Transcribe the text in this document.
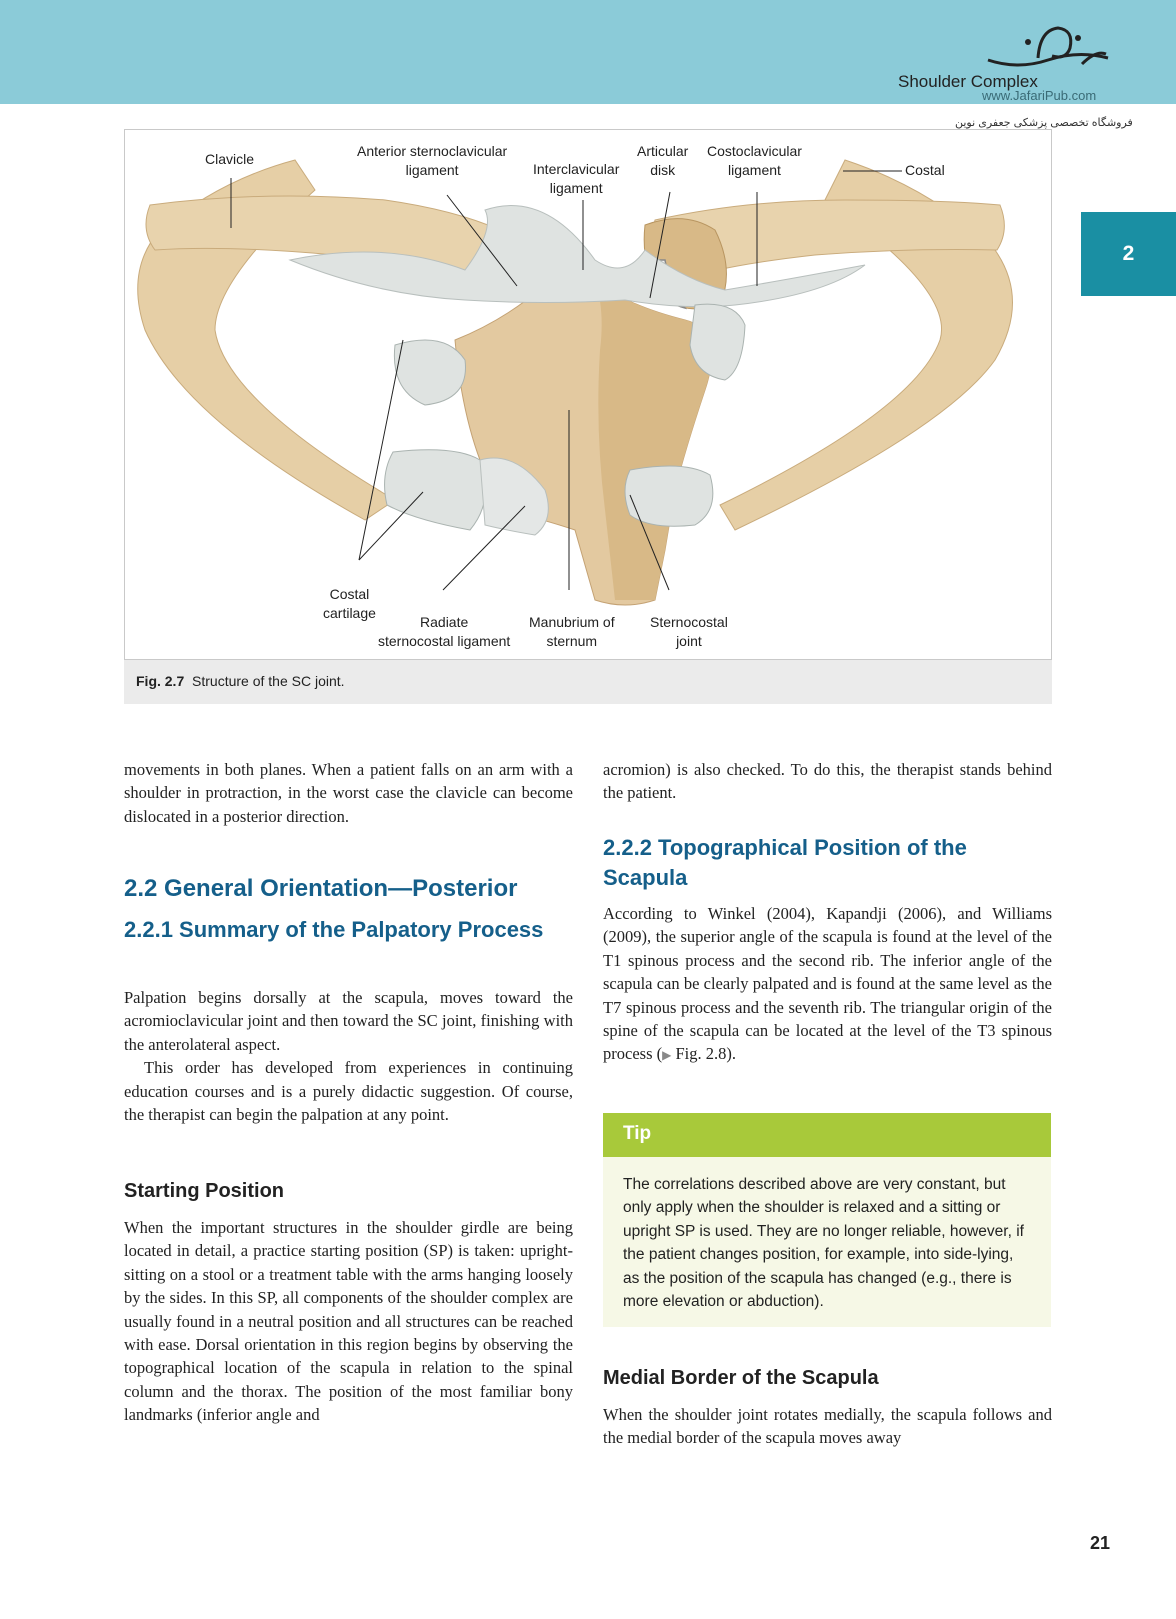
Shoulder Complex
www.JafariPub.com
فروشگاه تخصصی پزشکی جعفری نوین
2
Clavicle	Anterior sternoclavicular
ligament	Interclavicular
ligament
Articular
disk
Costoclavicular
ligament	Costal
Costal
cartilage
Radiate
sternocostal ligament
Manubrium of
sternum
Sternocostal
joint
Fig. 2.7 Structure of the SC joint.

movements in both planes. When a patient falls on an arm with a shoulder in protraction, in the worst case the clavicle can become dislocated in a posterior direction.

2.2 General Orientation—Posterior
2.2.1 Summary of the Palpatory Process

Palpation begins dorsally at the scapula, moves toward the acromioclavicular joint and then toward the SC joint, finishing with the anterolateral aspect.

This order has developed from experiences in continuing education courses and is a purely didactic suggestion. Of course, the therapist can begin the palpation at any point.

Starting Position

When the important structures in the shoulder girdle are being located in detail, a practice starting position (SP) is taken: upright-sitting on a stool or a treatment table with the arms hanging loosely by the sides. In this SP, all components of the shoulder complex are usually found in a neutral position and all structures can be reached with ease. Dorsal orientation in this region begins by observing the topographical location of the scapula in relation to the spinal column and the thorax. The position of the most familiar bony landmarks (inferior angle and

acromion) is also checked. To do this, the therapist stands behind the patient.

2.2.2 Topographical Position of the Scapula

According to Winkel (2004), Kapandji (2006), and Williams (2009), the superior angle of the scapula is found at the level of the T1 spinous process and the second rib. The inferior angle of the scapula can be clearly palpated and is found at the same level as the T7 spinous process and the seventh rib. The triangular origin of the spine of the scapula can be located at the level of the T3 spinous process (▶ Fig. 2.8).

Tip
The correlations described above are very constant, but only apply when the shoulder is relaxed and a sitting or upright SP is used. They are no longer reliable, however, if the patient changes position, for example, into side-lying, as the position of the scapula has changed (e.g., there is more elevation or abduction).
Medial Border of the Scapula

When the shoulder joint rotates medially, the scapula follows and the medial border of the scapula moves away

21
